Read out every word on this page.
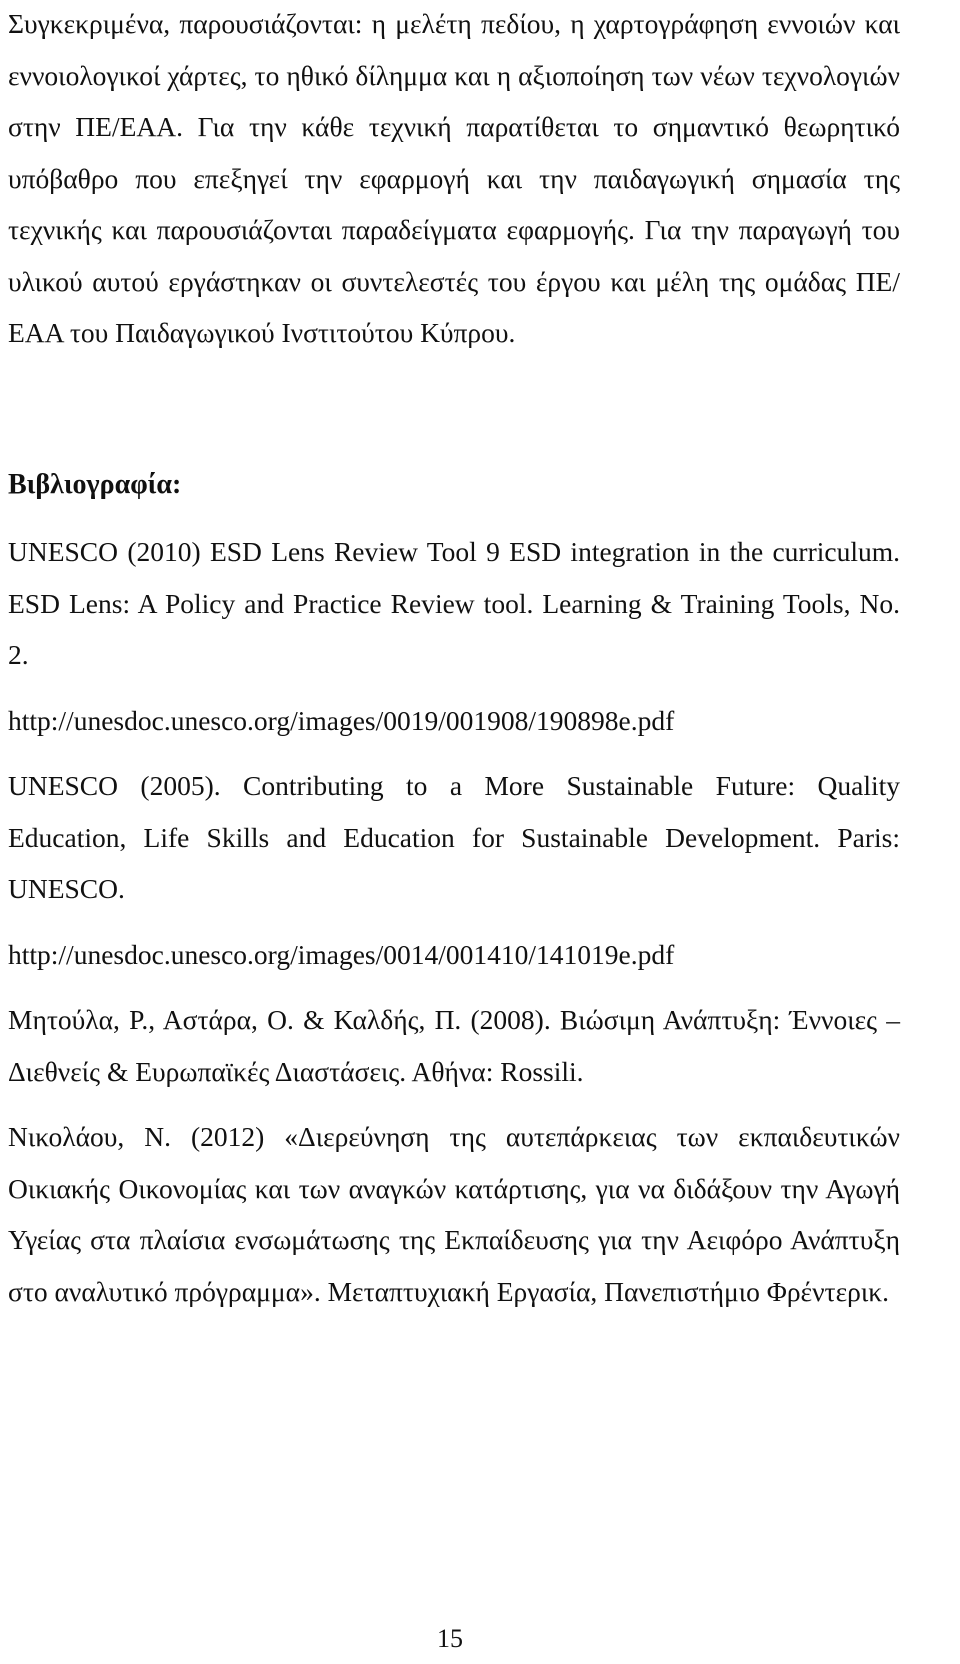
Συγκεκριμένα, παρουσιάζονται: η μελέτη πεδίου, η χαρτογράφηση εννοιών και εννοιολογικοί χάρτες, το ηθικό δίλημμα και η αξιοποίηση των νέων τεχνολογιών στην ΠΕ/ΕΑΑ. Για την κάθε τεχνική παρατίθεται το σημαντικό θεωρητικό υπόβαθρο που επεξηγεί την εφαρμογή και την παιδαγωγική σημασία της τεχνικής και παρουσιάζονται παραδείγματα εφαρμογής. Για την παραγωγή του υλικού αυτού εργάστηκαν οι συντελεστές του έργου και μέλη της ομάδας ΠΕ/ΕΑΑ του Παιδαγωγικού Ινστιτούτου Κύπρου.

Βιβλιογραφία:

UNESCO (2010) ESD Lens Review Tool 9 ESD integration in the curriculum. ESD Lens: A Policy and Practice Review tool. Learning & Training Tools, No. 2.

http://unesdoc.unesco.org/images/0019/001908/190898e.pdf

UNESCO (2005). Contributing to a More Sustainable Future: Quality Education, Life Skills and Education for Sustainable Development. Paris: UNESCO.

http://unesdoc.unesco.org/images/0014/001410/141019e.pdf

Μητούλα, Ρ., Αστάρα, Ο. & Καλδής, Π. (2008). Βιώσιμη Ανάπτυξη: Έννοιες – Διεθνείς & Ευρωπαϊκές Διαστάσεις. Αθήνα: Rossili.

Νικολάου, Ν. (2012) «Διερεύνηση της αυτεπάρκειας των εκπαιδευτικών Οικιακής Οικονομίας και των αναγκών κατάρτισης, για να διδάξουν την Αγωγή Υγείας στα πλαίσια ενσωμάτωσης της Εκπαίδευσης για την Αειφόρο Ανάπτυξη στο αναλυτικό πρόγραμμα». Μεταπτυχιακή Εργασία, Πανεπιστήμιο Φρέντερικ.

15
